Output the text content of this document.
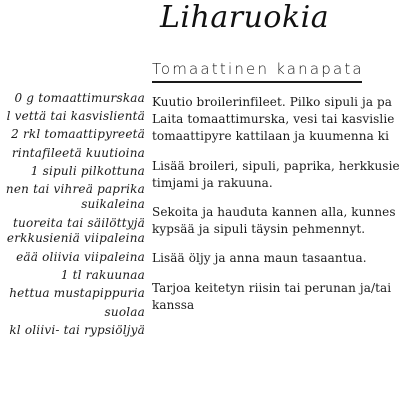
Liharuokia
Tomaattinen kanapata
0 g tomaattimurskaa
l vettä tai kasvislientä
2 rkl tomaattipyreetä
rintafileetä kuutioina
1 sipuli pilkottuna
nen tai vihreä paprika
suikaleina
tuoreita tai säilöttyjä
erkkusieniä viipaleina
eää oliivia viipaleina
1 tl rakuunaa
hettua mustapippuria
suolaa
kl oliivi- tai rypsiöljyä

Kuutio broilerinfileet. Pilko sipuli ja pa
Laita tomaattimurska, vesi tai kasvislie
tomaattipyre kattilaan ja kuumenna ki

Lisää broileri, sipuli, paprika, herkkusie
timjami ja rakuuna.

Sekoita ja hauduta kannen alla, kunnes
kypsää ja sipuli täysin pehmennyt.

Lisää öljy ja anna maun tasaantua.

Tarjoa keitetyn riisin tai perunan ja/tai
kanssa
